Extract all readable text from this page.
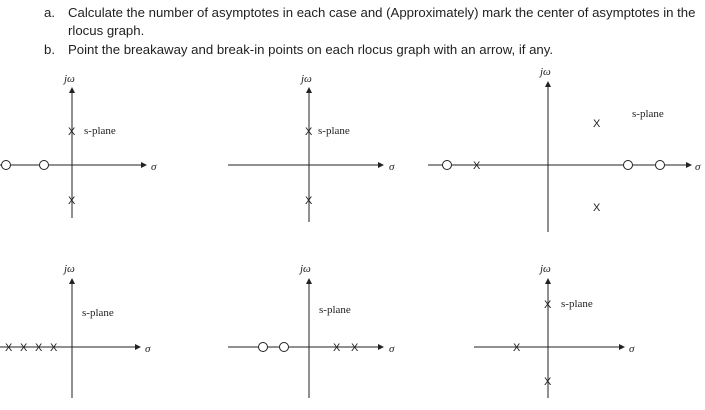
a. Calculate the number of asymptotes in each case and (Approximately) mark the center of asymptotes in the rlocus graph.
b. Point the breakaway and break-in points on each rlocus graph with an arrow, if any.
jω
σ
s-plane
X
X
jω
σ
s-plane
X
X
jω
σ
s-plane
X
X
X
jω
σ
s-plane
X X X X
jω
σ
s-plane
X X
jω
σ
s-plane
X
X
X
